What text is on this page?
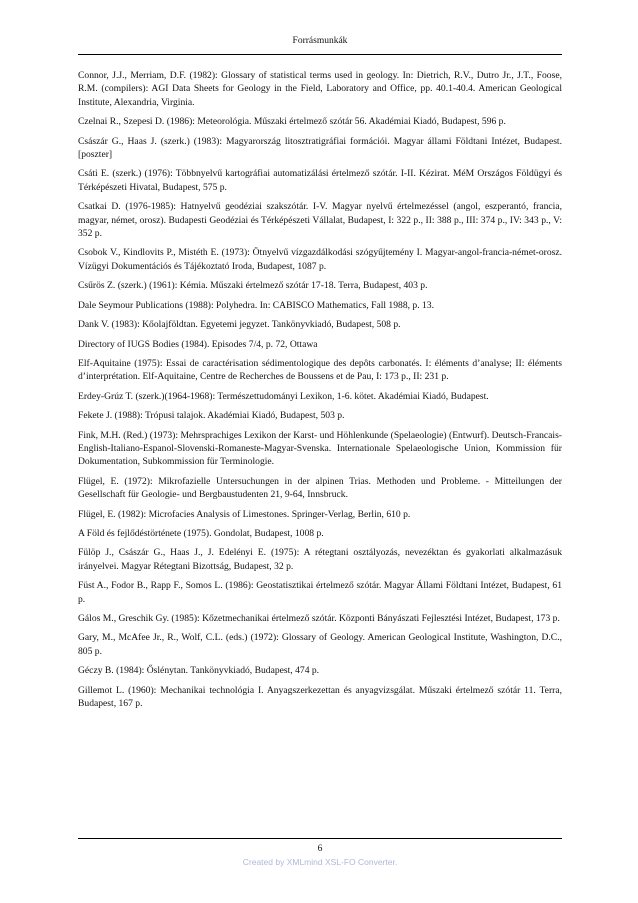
Forrásmunkák

Connor, J.J., Merriam, D.F. (1982): Glossary of statistical terms used in geology. In: Dietrich, R.V., Dutro Jr., J.T., Foose, R.M. (compilers): AGI Data Sheets for Geology in the Field, Laboratory and Office, pp. 40.1-40.4. American Geological Institute, Alexandria, Virginia.

Czelnai R., Szepesi D. (1986): Meteorológia. Műszaki értelmező szótár 56. Akadémiai Kiadó, Budapest, 596 p.

Császár G., Haas J. (szerk.) (1983): Magyarország litosztratigráfiai formációi. Magyar állami Földtani Intézet, Budapest. [poszter]

Csáti E. (szerk.) (1976): Többnyelvű kartográfiai automatizálási értelmező szótár. I-II. Kézirat. MéM Országos Földügyi és Térképészeti Hivatal, Budapest, 575 p.

Csatkai D. (1976-1985): Hatnyelvű geodéziai szakszótár. I-V. Magyar nyelvű értelmezéssel (angol, eszperantó, francia, magyar, német, orosz). Budapesti Geodéziai és Térképészeti Vállalat, Budapest, I: 322 p., II: 388 p., III: 374 p., IV: 343 p., V: 352 p.

Csobok V., Kindlovits P., Mistéth E. (1973): Ötnyelvű vízgazdálkodási szógyűjtemény I. Magyar-angol-francia-német-orosz. Vízügyi Dokumentációs és Tájékoztató Iroda, Budapest, 1087 p.

Csűrös Z. (szerk.) (1961): Kémia. Műszaki értelmező szótár 17-18. Terra, Budapest, 403 p.

Dale Seymour Publications (1988): Polyhedra. In: CABISCO Mathematics, Fall 1988, p. 13.

Dank V. (1983): Kőolajföldtan. Egyetemi jegyzet. Tankönyvkiadó, Budapest, 508 p.

Directory of IUGS Bodies (1984). Episodes 7/4, p. 72, Ottawa

Elf-Aquitaine (1975): Essai de caractérisation sédimentologique des depôts carbonatés. I: éléments d’analyse; II: éléments d’interprétation. Elf-Aquitaine, Centre de Recherches de Boussens et de Pau, I: 173 p., II: 231 p.

Erdey-Grúz T. (szerk.)(1964-1968): Természettudományi Lexikon, 1-6. kötet. Akadémiai Kiadó, Budapest.

Fekete J. (1988): Trópusi talajok. Akadémiai Kiadó, Budapest, 503 p.

Fink, M.H. (Red.) (1973): Mehrsprachiges Lexikon der Karst- und Höhlenkunde (Spelaeologie) (Entwurf). Deutsch-Francais-English-Italiano-Espanol-Slovenski-Romaneste-Magyar-Svenska. Internationale Spelaeologische Union, Kommission für Dokumentation, Subkommission für Terminologie.

Flügel, E. (1972): Mikrofazielle Untersuchungen in der alpinen Trias. Methoden und Probleme. - Mitteilungen der Gesellschaft für Geologie- und Bergbaustudenten 21, 9-64, Innsbruck.

Flügel, E. (1982): Microfacies Analysis of Limestones. Springer-Verlag, Berlin, 610 p.

A Föld és fejlődéstörténete (1975). Gondolat, Budapest, 1008 p.

Fülöp J., Császár G., Haas J., J. Edelényi E. (1975): A rétegtani osztályozás, nevezéktan és gyakorlati alkalmazásuk irányelvei. Magyar Rétegtani Bizottság, Budapest, 32 p.

Füst A., Fodor B., Rapp F., Somos L. (1986): Geostatisztikai értelmező szótár. Magyar Állami Földtani Intézet, Budapest, 61 p.

Gálos M., Greschik Gy. (1985): Kőzetmechanikai értelmező szótár. Központi Bányászati Fejlesztési Intézet, Budapest, 173 p.

Gary, M., McAfee Jr., R., Wolf, C.L. (eds.) (1972): Glossary of Geology. American Geological Institute, Washington, D.C., 805 p.

Géczy B. (1984): Őslénytan. Tankönyvkiadó, Budapest, 474 p.

Gillemot L. (1960): Mechanikai technológia I. Anyagszerkezettan és anyagvizsgálat. Műszaki értelmező szótár 11. Terra, Budapest, 167 p.

6
Created by XMLmind XSL-FO Converter.
